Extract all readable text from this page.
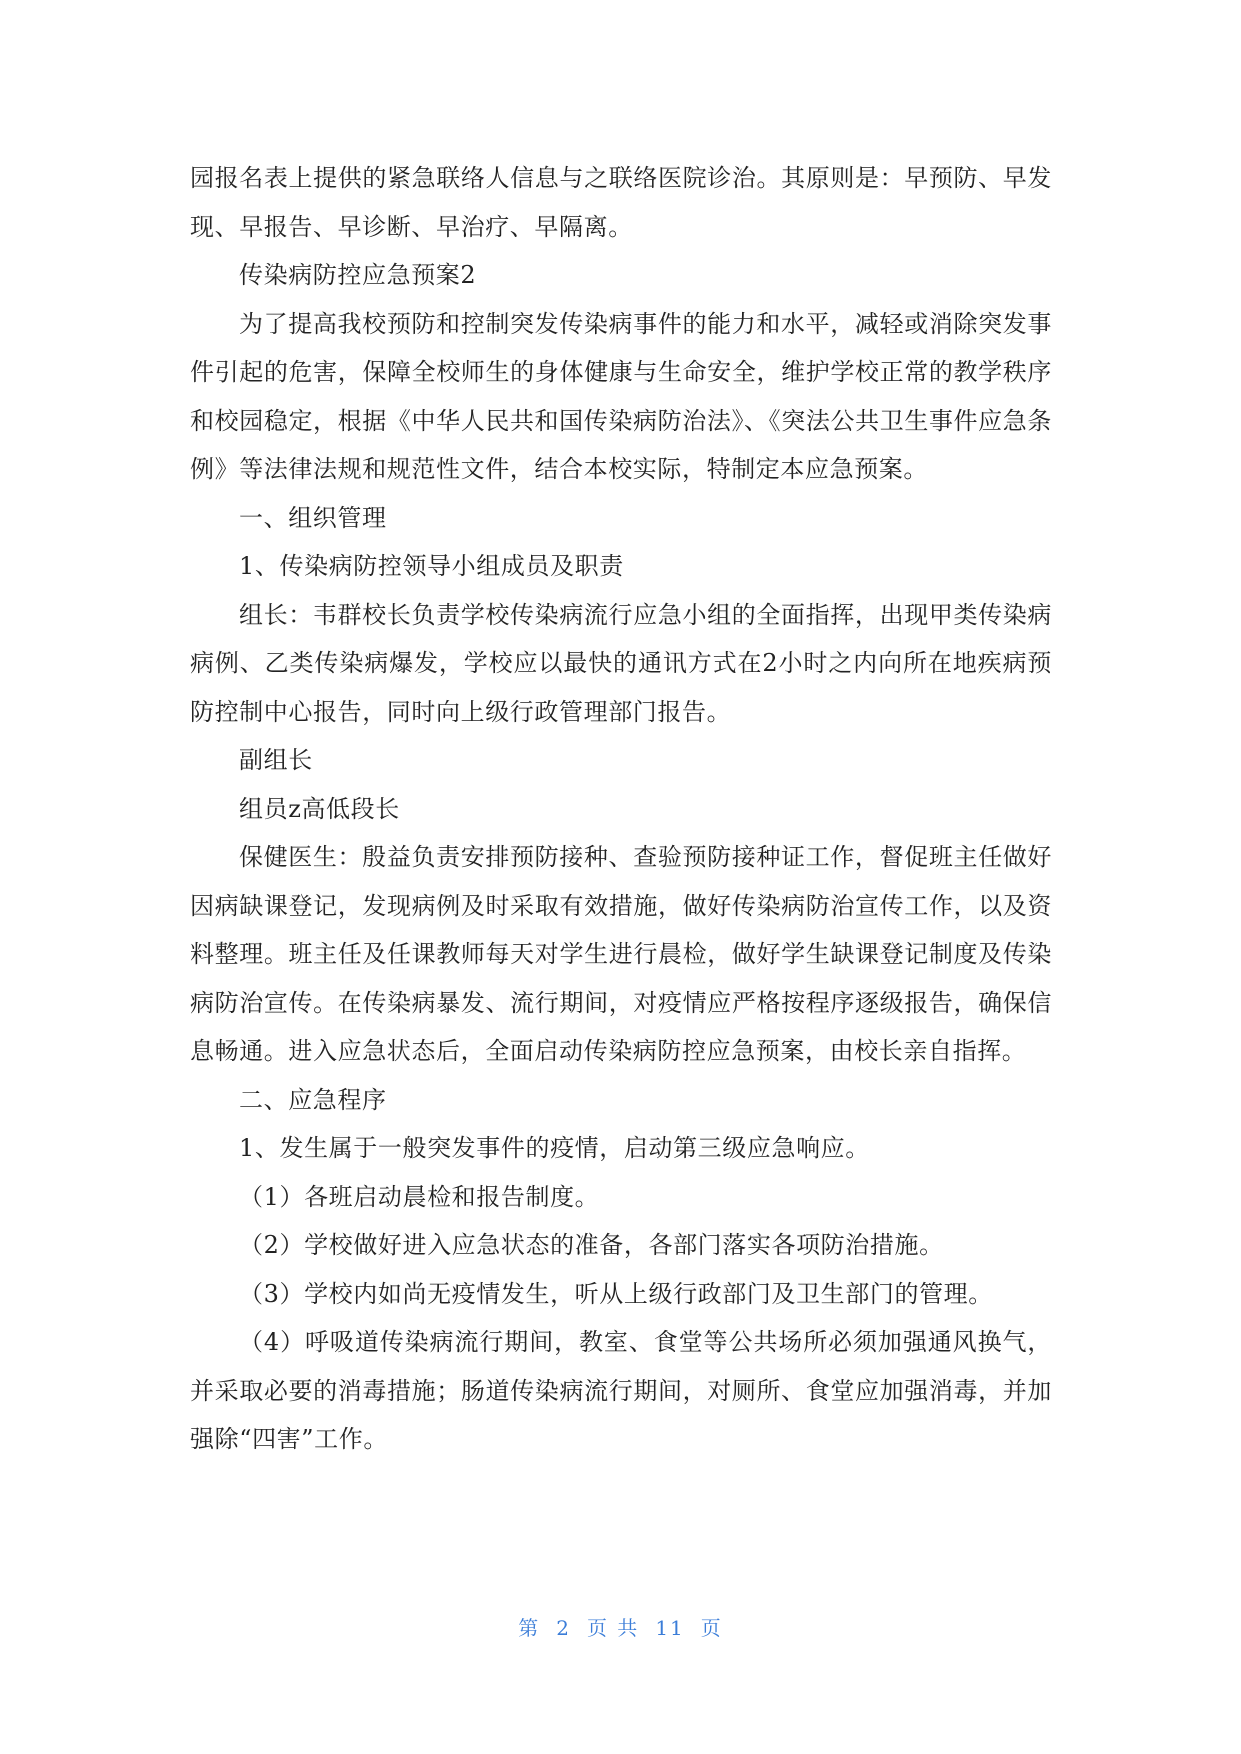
园报名表上提供的紧急联络人信息与之联络医院诊治。其原则是：早预防、早发现、早报告、早诊断、早治疗、早隔离。

传染病防控应急预案2

为了提高我校预防和控制突发传染病事件的能力和水平，减轻或消除突发事件引起的危害，保障全校师生的身体健康与生命安全，维护学校正常的教学秩序和校园稳定，根据《中华人民共和国传染病防治法》、《突法公共卫生事件应急条例》等法律法规和规范性文件，结合本校实际，特制定本应急预案。

一、组织管理

1、传染病防控领导小组成员及职责

组长：韦群校长负责学校传染病流行应急小组的全面指挥，出现甲类传染病病例、乙类传染病爆发，学校应以最快的通讯方式在2小时之内向所在地疾病预防控制中心报告，同时向上级行政管理部门报告。

副组长

组员z高低段长

保健医生：殷益负责安排预防接种、查验预防接种证工作，督促班主任做好因病缺课登记，发现病例及时采取有效措施，做好传染病防治宣传工作，以及资料整理。班主任及任课教师每天对学生进行晨检，做好学生缺课登记制度及传染病防治宣传。在传染病暴发、流行期间，对疫情应严格按程序逐级报告，确保信息畅通。进入应急状态后，全面启动传染病防控应急预案，由校长亲自指挥。

二、应急程序

1、发生属于一般突发事件的疫情，启动第三级应急响应。

（1）各班启动晨检和报告制度。

（2）学校做好进入应急状态的准备，各部门落实各项防治措施。

（3）学校内如尚无疫情发生，听从上级行政部门及卫生部门的管理。

（4）呼吸道传染病流行期间，教室、食堂等公共场所必须加强通风换气，并采取必要的消毒措施；肠道传染病流行期间，对厕所、食堂应加强消毒，并加强除“四害”工作。

第 2 页 共 11 页
